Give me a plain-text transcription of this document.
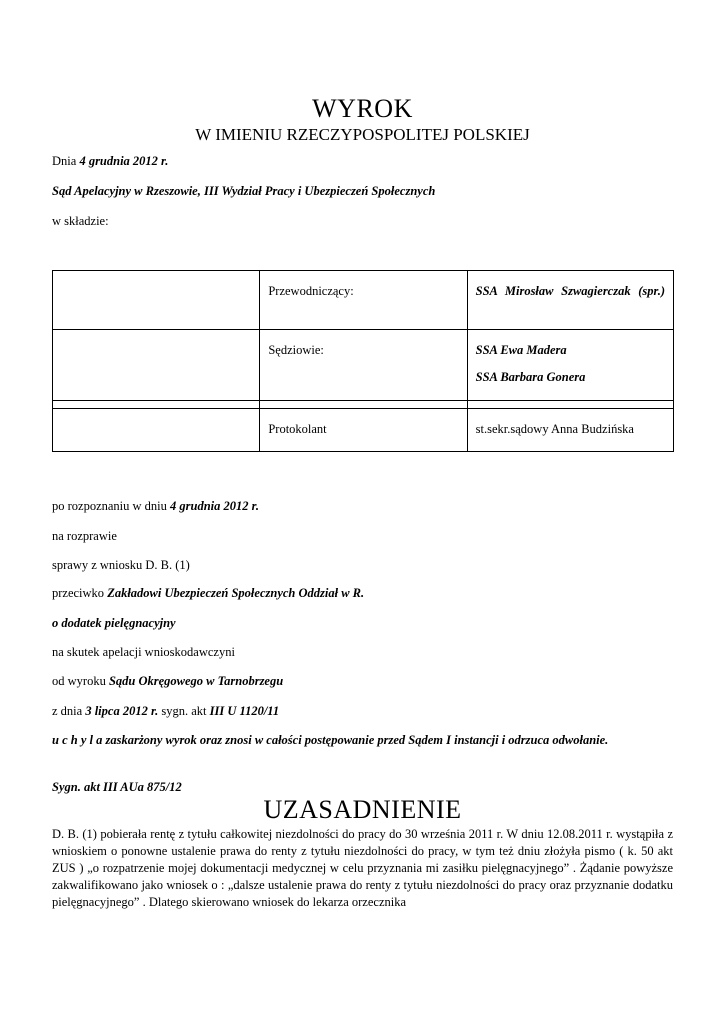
WYROK
W IMIENIU RZECZYPOSPOLITEJ POLSKIEJ
Dnia 4 grudnia 2012 r.
Sąd Apelacyjny w Rzeszowie, III Wydział Pracy i Ubezpieczeń Społecznych
w składzie:

	Przewodniczący:	SSA Mirosław Szwagierczak (spr.)

	Sędziowie:	SSA Ewa Madera
SSA Barbara Gonera

	Protokolant	st.sekr.sądowy Anna Budzińska
po rozpoznaniu w dniu 4 grudnia 2012 r.
na rozprawie
sprawy z wniosku D. B. (1)
przeciwko Zakładowi Ubezpieczeń Społecznych Oddział w R.
o dodatek pielęgnacyjny
na skutek apelacji wnioskodawczyni
od wyroku Sądu Okręgowego w Tarnobrzegu
z dnia 3 lipca 2012 r. sygn. akt III U 1120/11
u c h y l a zaskarżony wyrok oraz znosi w całości postępowanie przed Sądem I instancji i odrzuca odwołanie.
Sygn. akt III AUa 875/12
UZASADNIENIE
D. B. (1) pobierała rentę z tytułu całkowitej niezdolności do pracy do 30 września 2011 r. W dniu 12.08.2011 r. wystąpiła z wnioskiem o ponowne ustalenie prawa do renty z tytułu niezdolności do pracy, w tym też dniu złożyła pismo ( k. 50 akt ZUS ) „o rozpatrzenie mojej dokumentacji medycznej w celu przyznania mi zasiłku pielęgnacyjnego” . Żądanie powyższe zakwalifikowano jako wniosek o : „dalsze ustalenie prawa do renty z tytułu niezdolności do pracy oraz przyznanie dodatku pielęgnacyjnego” . Dlatego skierowano wniosek do lekarza orzecznika
